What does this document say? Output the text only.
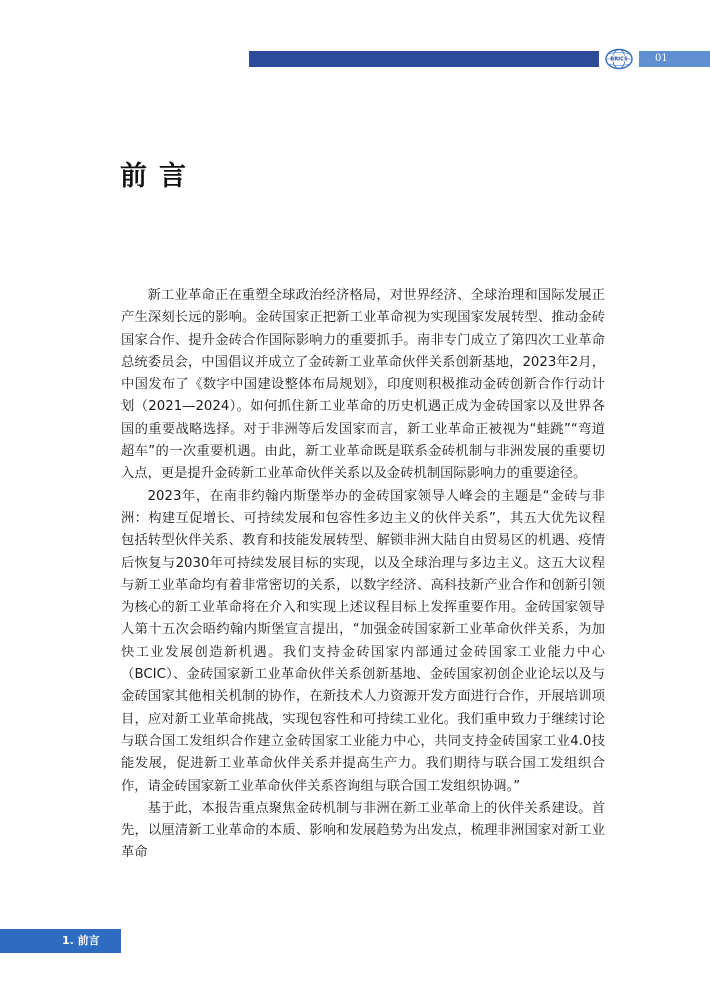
BRICS	01
前言

新工业革命正在重塑全球政治经济格局，对世界经济、全球治理和国际发展正产生深刻长远的影响。金砖国家正把新工业革命视为实现国家发展转型、推动金砖国家合作、提升金砖合作国际影响力的重要抓手。南非专门成立了第四次工业革命总统委员会，中国倡议并成立了金砖新工业革命伙伴关系创新基地，2023年2月，中国发布了《数字中国建设整体布局规划》，印度则积极推动金砖创新合作行动计划（2021—2024）。如何抓住新工业革命的历史机遇正成为金砖国家以及世界各国的重要战略选择。对于非洲等后发国家而言，新工业革命正被视为“蛙跳”“弯道超车”的一次重要机遇。由此，新工业革命既是联系金砖机制与非洲发展的重要切入点，更是提升金砖新工业革命伙伴关系以及金砖机制国际影响力的重要途径。

2023年，在南非约翰内斯堡举办的金砖国家领导人峰会的主题是“金砖与非洲：构建互促增长、可持续发展和包容性多边主义的伙伴关系”，其五大优先议程包括转型伙伴关系、教育和技能发展转型、解锁非洲大陆自由贸易区的机遇、疫情后恢复与2030年可持续发展目标的实现，以及全球治理与多边主义。这五大议程与新工业革命均有着非常密切的关系，以数字经济、高科技新产业合作和创新引领为核心的新工业革命将在介入和实现上述议程目标上发挥重要作用。金砖国家领导人第十五次会晤约翰内斯堡宣言提出，“加强金砖国家新工业革命伙伴关系，为加快工业发展创造新机遇。我们支持金砖国家内部通过金砖国家工业能力中心（BCIC）、金砖国家新工业革命伙伴关系创新基地、金砖国家初创企业论坛以及与金砖国家其他相关机制的协作，在新技术人力资源开发方面进行合作，开展培训项目，应对新工业革命挑战，实现包容性和可持续工业化。我们重申致力于继续讨论与联合国工发组织合作建立金砖国家工业能力中心，共同支持金砖国家工业4.0技能发展，促进新工业革命伙伴关系并提高生产力。我们期待与联合国工发组织合作，请金砖国家新工业革命伙伴关系咨询组与联合国工发组织协调。”

基于此，本报告重点聚焦金砖机制与非洲在新工业革命上的伙伴关系建设。首先，以厘清新工业革命的本质、影响和发展趋势为出发点，梳理非洲国家对新工业革命

1. 前言
